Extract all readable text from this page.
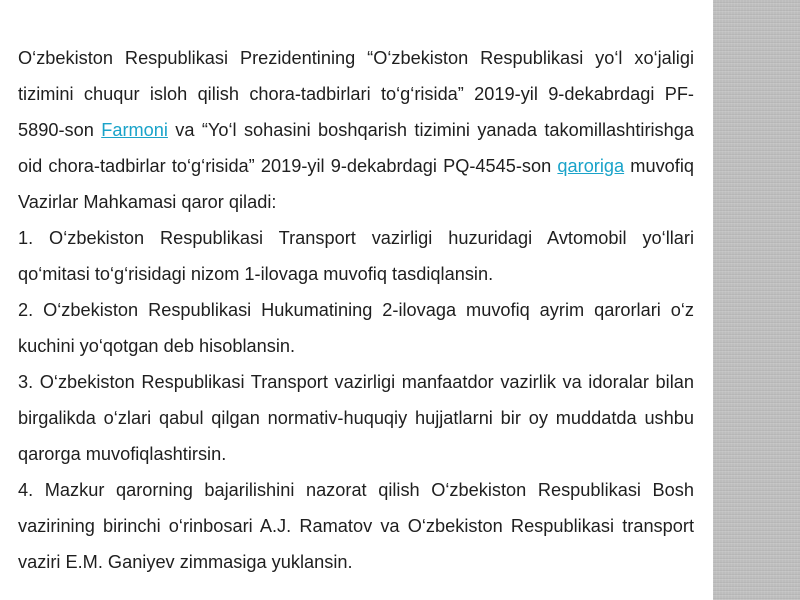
O‘zbekiston Respublikasi Prezidentining “O‘zbekiston Respublikasi yo‘l xo‘jaligi tizimini chuqur isloh qilish chora-tadbirlari to‘g‘risida” 2019-yil 9-dekabrdagi PF-5890-son Farmoni va “Yo‘l sohasini boshqarish tizimini yanada takomillashtirishga oid chora-tadbirlar to‘g‘risida” 2019-yil 9-dekabrdagi PQ-4545-son qaroriga muvofiq Vazirlar Mahkamasi qaror qiladi:

1. O‘zbekiston Respublikasi Transport vazirligi huzuridagi Avtomobil yo‘llari qo‘mitasi to‘g‘risidagi nizom 1-ilovaga muvofiq tasdiqlansin.

2. O‘zbekiston Respublikasi Hukumatining 2-ilovaga muvofiq ayrim qarorlari o‘z kuchini yo‘qotgan deb hisoblansin.

3. O‘zbekiston Respublikasi Transport vazirligi manfaatdor vazirlik va idoralar bilan birgalikda o‘zlari qabul qilgan normativ-huquqiy hujjatlarni bir oy muddatda ushbu qarorga muvofiqlashtirsin.

4. Mazkur qarorning bajarilishini nazorat qilish O‘zbekiston Respublikasi Bosh vazirining birinchi o‘rinbosari A.J. Ramatov va O‘zbekiston Respublikasi transport vaziri E.M. Ganiyev zimmasiga yuklansin.
